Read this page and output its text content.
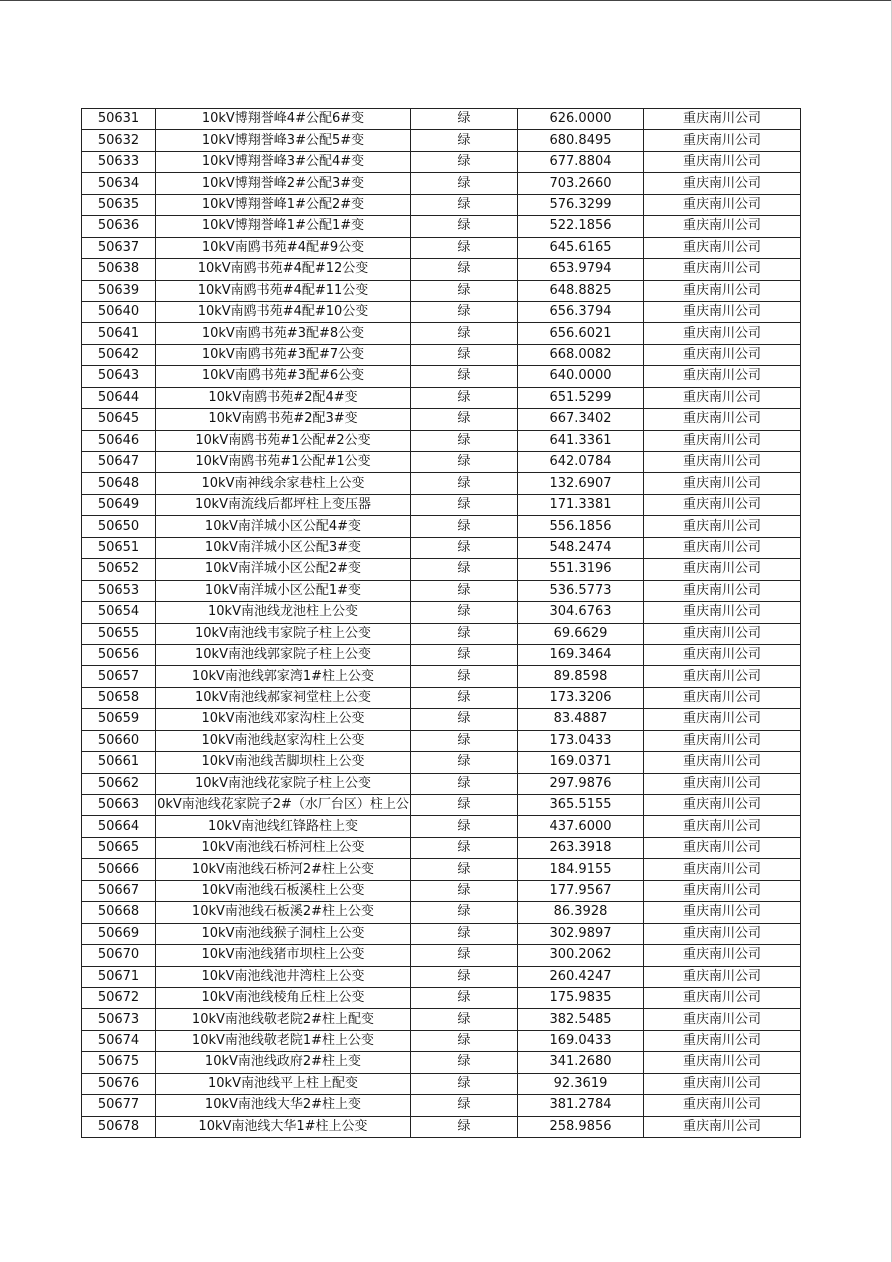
50631	10kV博翔誉峰4#公配6#变	绿	626.0000	重庆南川公司
50632	10kV博翔誉峰3#公配5#变	绿	680.8495	重庆南川公司
50633	10kV博翔誉峰3#公配4#变	绿	677.8804	重庆南川公司
50634	10kV博翔誉峰2#公配3#变	绿	703.2660	重庆南川公司
50635	10kV博翔誉峰1#公配2#变	绿	576.3299	重庆南川公司
50636	10kV博翔誉峰1#公配1#变	绿	522.1856	重庆南川公司
50637	10kV南鸥书苑#4配#9公变	绿	645.6165	重庆南川公司
50638	10kV南鸥书苑#4配#12公变	绿	653.9794	重庆南川公司
50639	10kV南鸥书苑#4配#11公变	绿	648.8825	重庆南川公司
50640	10kV南鸥书苑#4配#10公变	绿	656.3794	重庆南川公司
50641	10kV南鸥书苑#3配#8公变	绿	656.6021	重庆南川公司
50642	10kV南鸥书苑#3配#7公变	绿	668.0082	重庆南川公司
50643	10kV南鸥书苑#3配#6公变	绿	640.0000	重庆南川公司
50644	10kV南鸥书苑#2配4#变	绿	651.5299	重庆南川公司
50645	10kV南鸥书苑#2配3#变	绿	667.3402	重庆南川公司
50646	10kV南鸥书苑#1公配#2公变	绿	641.3361	重庆南川公司
50647	10kV南鸥书苑#1公配#1公变	绿	642.0784	重庆南川公司
50648	10kV南神线余家巷柱上公变	绿	132.6907	重庆南川公司
50649	10kV南流线后都坪柱上变压器	绿	171.3381	重庆南川公司
50650	10kV南洋城小区公配4#变	绿	556.1856	重庆南川公司
50651	10kV南洋城小区公配3#变	绿	548.2474	重庆南川公司
50652	10kV南洋城小区公配2#变	绿	551.3196	重庆南川公司
50653	10kV南洋城小区公配1#变	绿	536.5773	重庆南川公司
50654	10kV南池线龙池柱上公变	绿	304.6763	重庆南川公司
50655	10kV南池线韦家院子柱上公变	绿	69.6629	重庆南川公司
50656	10kV南池线郭家院子柱上公变	绿	169.3464	重庆南川公司
50657	10kV南池线郭家湾1#柱上公变	绿	89.8598	重庆南川公司
50658	10kV南池线郝家祠堂柱上公变	绿	173.3206	重庆南川公司
50659	10kV南池线邓家沟柱上公变	绿	83.4887	重庆南川公司
50660	10kV南池线赵家沟柱上公变	绿	173.0433	重庆南川公司
50661	10kV南池线苦脚坝柱上公变	绿	169.0371	重庆南川公司
50662	10kV南池线花家院子柱上公变	绿	297.9876	重庆南川公司
50663	0kV南池线花家院子2#（水厂台区）柱上公	绿	365.5155	重庆南川公司
50664	10kV南池线红锋路柱上变	绿	437.6000	重庆南川公司
50665	10kV南池线石桥河柱上公变	绿	263.3918	重庆南川公司
50666	10kV南池线石桥河2#柱上公变	绿	184.9155	重庆南川公司
50667	10kV南池线石板溪柱上公变	绿	177.9567	重庆南川公司
50668	10kV南池线石板溪2#柱上公变	绿	86.3928	重庆南川公司
50669	10kV南池线猴子洞柱上公变	绿	302.9897	重庆南川公司
50670	10kV南池线猪市坝柱上公变	绿	300.2062	重庆南川公司
50671	10kV南池线池井湾柱上公变	绿	260.4247	重庆南川公司
50672	10kV南池线棱角丘柱上公变	绿	175.9835	重庆南川公司
50673	10kV南池线敬老院2#柱上配变	绿	382.5485	重庆南川公司
50674	10kV南池线敬老院1#柱上公变	绿	169.0433	重庆南川公司
50675	10kV南池线政府2#柱上变	绿	341.2680	重庆南川公司
50676	10kV南池线平上柱上配变	绿	92.3619	重庆南川公司
50677	10kV南池线大华2#柱上变	绿	381.2784	重庆南川公司
50678	10kV南池线大华1#柱上公变	绿	258.9856	重庆南川公司
